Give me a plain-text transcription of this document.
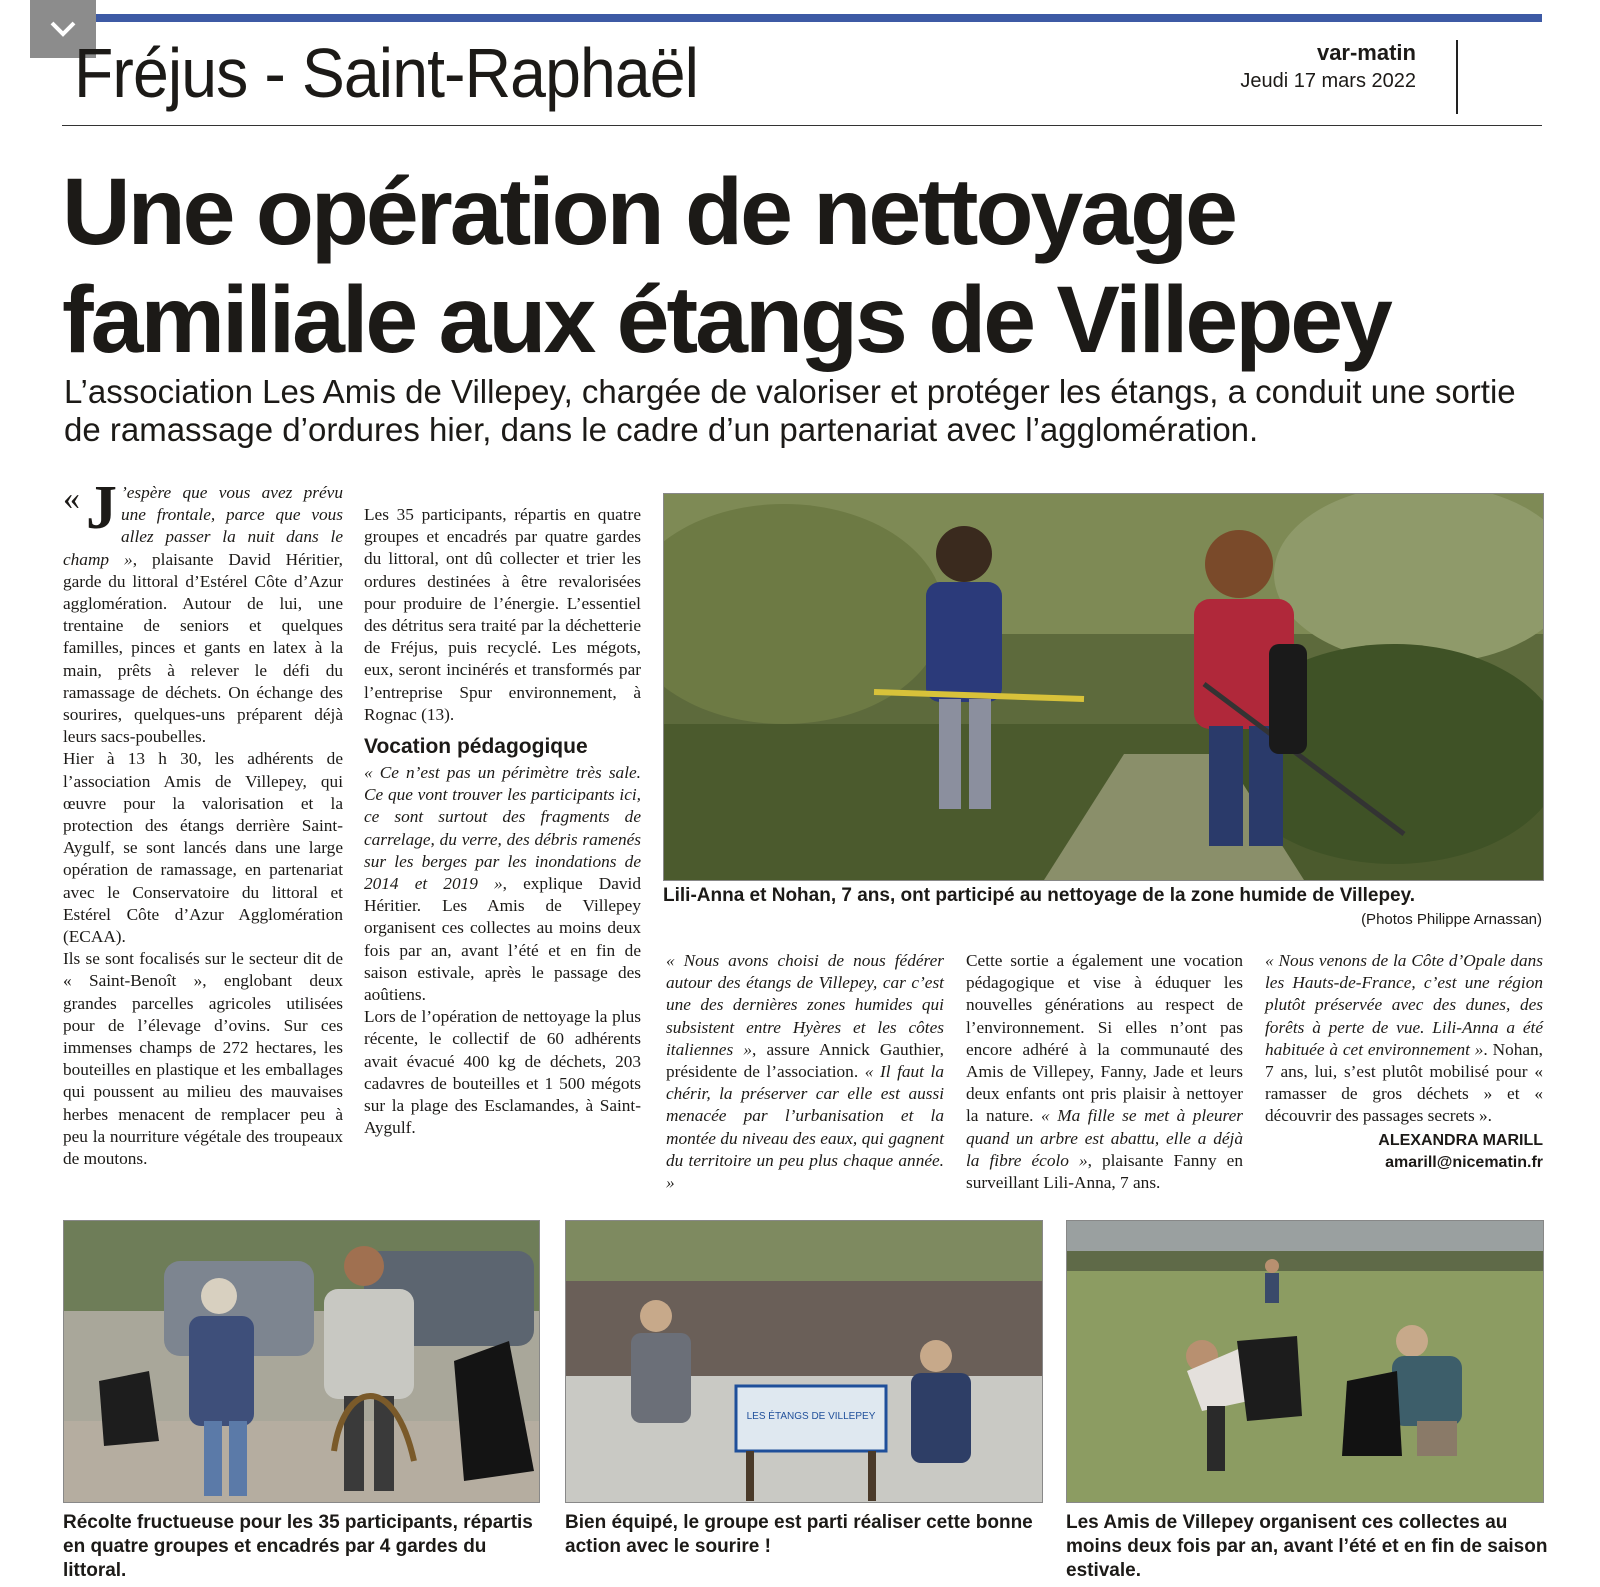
Fréjus - Saint-Raphaël	var-matin
Jeudi 17 mars 2022
Une opération de nettoyage
familiale aux étangs de Villepey

L’association Les Amis de Villepey, chargée de valoriser et protéger les étangs, a conduit une sortie de ramassage d’ordures hier, dans le cadre d’un partenariat avec l’agglomération.

« J ’espère que vous avez prévu une frontale, parce que vous allez passer la nuit dans le champ », plaisante David Héritier, garde du littoral d’Estérel Côte d’Azur agglomération. Autour de lui, une trentaine de seniors et quelques familles, pinces et gants en latex à la main, prêts à relever le défi du ramassage de déchets. On échange des sourires, quelques-uns préparent déjà leurs sacs-poubelles.

Hier à 13 h 30, les adhérents de l’association Amis de Villepey, qui œuvre pour la valorisation et la protection des étangs derrière Saint-Aygulf, se sont lancés dans une large opération de ramassage, en partenariat avec le Conservatoire du littoral et Estérel Côte d’Azur Agglomération (ECAA).

Ils se sont focalisés sur le secteur dit de « Saint-Benoît », englobant deux grandes parcelles agricoles utilisées pour de l’élevage d’ovins. Sur ces immenses champs de 272 hectares, les bouteilles en plastique et les emballages qui poussent au milieu des mauvaises herbes menacent de remplacer peu à peu la nourriture végétale des troupeaux de moutons.

Les 35 participants, répartis en quatre groupes et encadrés par quatre gardes du littoral, ont dû collecter et trier les ordures destinées à être revalorisées pour produire de l’énergie. L’essentiel des détritus sera traité par la déchetterie de Fréjus, puis recyclé. Les mégots, eux, seront incinérés et transformés par l’entreprise Spur environnement, à Rognac (13).

Vocation pédagogique

« Ce n’est pas un périmètre très sale. Ce que vont trouver les participants ici, ce sont surtout des fragments de carrelage, du verre, des débris ramenés sur les berges par les inondations de 2014 et 2019 », explique David Héritier. Les Amis de Villepey organisent ces collectes au moins deux fois par an, avant l’été et en fin de saison estivale, après le passage des aoûtiens.

Lors de l’opération de nettoyage la plus récente, le collectif de 60 adhérents avait évacué 400 kg de déchets, 203 cadavres de bouteilles et 1 500 mégots sur la plage des Esclamandes, à Saint-Aygulf.

« Nous avons choisi de nous fédérer autour des étangs de Villepey, car c’est une des dernières zones humides qui subsistent entre Hyères et les côtes italiennes », assure Annick Gauthier, présidente de l’association. « Il faut la chérir, la préserver car elle est aussi menacée par l’urbanisation et la montée du niveau des eaux, qui gagnent du territoire un peu plus chaque année. »

Cette sortie a également une vocation pédagogique et vise à éduquer les nouvelles générations au respect de l’environnement. Si elles n’ont pas encore adhéré à la communauté des Amis de Villepey, Fanny, Jade et leurs deux enfants ont pris plaisir à nettoyer la nature. « Ma fille se met à pleurer quand un arbre est abattu, elle a déjà la fibre écolo », plaisante Fanny en surveillant Lili-Anna, 7 ans.

« Nous venons de la Côte d’Opale dans les Hauts-de-France, c’est une région plutôt préservée avec des dunes, des forêts à perte de vue. Lili-Anna a été habituée à cet environnement ». Nohan, 7 ans, lui, s’est plutôt mobilisé pour « ramasser de gros déchets » et « découvrir des passages secrets ».

ALEXANDRA MARILL

amarill@nicematin.fr

Lili-Anna et Nohan, 7 ans, ont participé au nettoyage de la zone humide de Villepey.
(Photos Philippe Arnassan)
Récolte fructueuse pour les 35 participants, répartis en quatre groupes et encadrés par 4 gardes du littoral.
LES ÉTANGS DE VILLEPEY
Bien équipé, le groupe est parti réaliser cette bonne action avec le sourire !
Les Amis de Villepey organisent ces collectes au moins deux fois par an, avant l’été et en fin de saison estivale.
